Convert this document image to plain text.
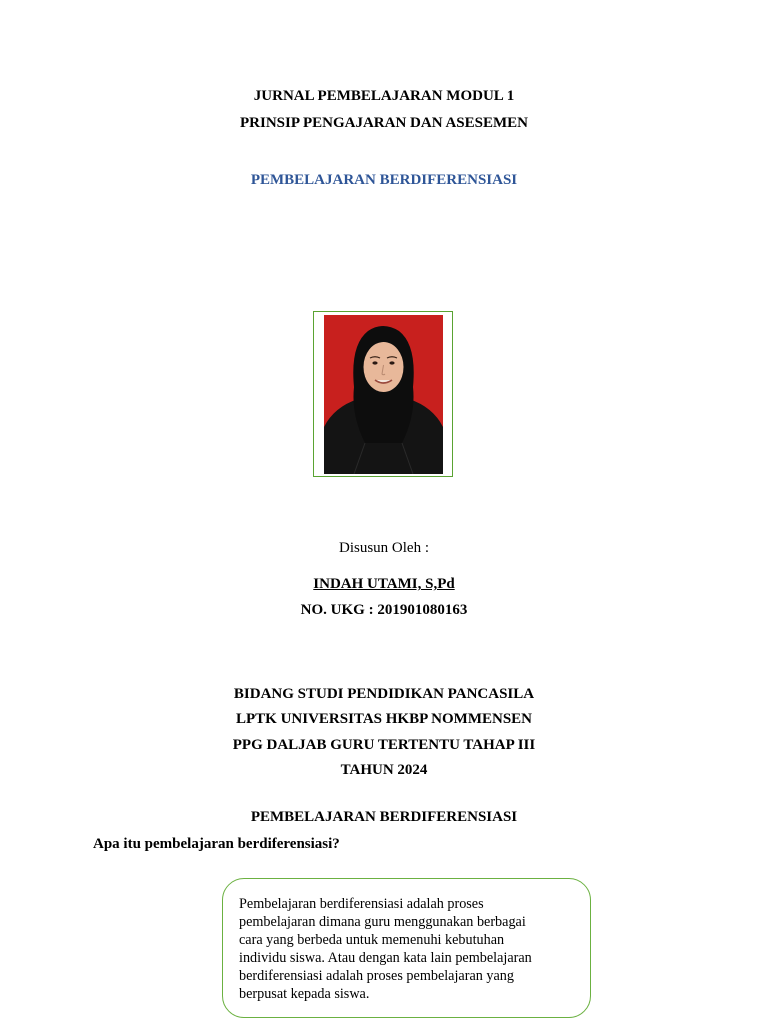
JURNAL PEMBELAJARAN MODUL 1
PRINSIP PENGAJARAN DAN ASESEMEN
PEMBELAJARAN BERDIFERENSIASI
Disusun Oleh :
INDAH UTAMI, S,Pd
NO. UKG : 201901080163
BIDANG STUDI PENDIDIKAN PANCASILA
LPTK UNIVERSITAS HKBP NOMMENSEN
PPG DALJAB GURU TERTENTU TAHAP III
TAHUN 2024
PEMBELAJARAN BERDIFERENSIASI
Apa itu pembelajaran berdiferensiasi?
Pembelajaran berdiferensiasi adalah proses
pembelajaran dimana guru menggunakan berbagai
cara yang berbeda untuk memenuhi kebutuhan
individu siswa. Atau dengan kata lain pembelajaran
berdiferensiasi adalah proses pembelajaran yang
berpusat kepada siswa.
